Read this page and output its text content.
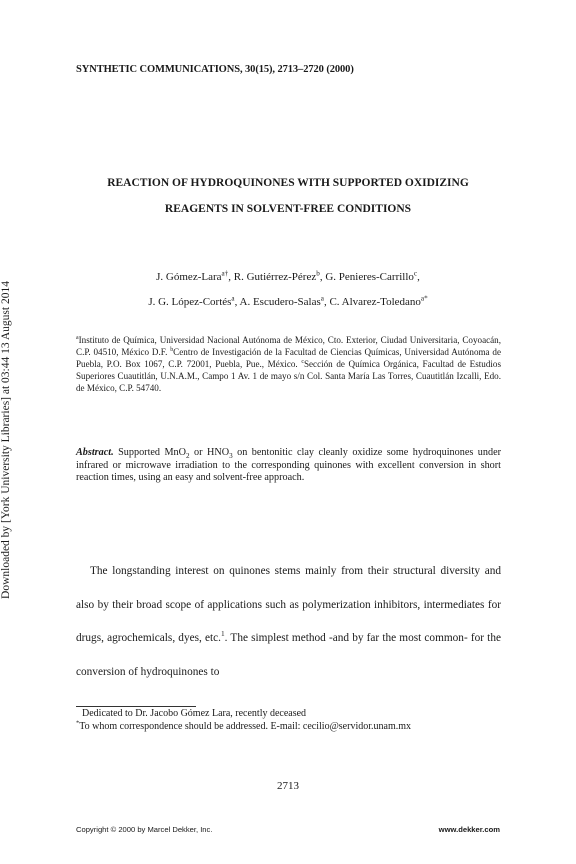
Downloaded by [York University Libraries] at 03:44 13 August 2014
SYNTHETIC COMMUNICATIONS, 30(15), 2713–2720 (2000)
REACTION OF HYDROQUINONES WITH SUPPORTED OXIDIZING
REAGENTS IN SOLVENT-FREE CONDITIONS
J. Gómez-Lara$^{a\dagger}$, R. Gutiérrez-Pérez$^b$, G. Penieres-Carrillo$^c$,
J. G. López-Cortés$^a$, A. Escudero-Salas$^a$, C. Alvarez-Toledano$^{a*}$
$^a$Instituto de Química, Universidad Nacional Autónoma de México, Cto. Exterior, Ciudad Universitaria, Coyoacán, C.P. 04510, México D.F. $^b$Centro de Investigación de la Facultad de Ciencias Químicas, Universidad Autónoma de Puebla, P.O. Box 1067, C.P. 72001, Puebla, Pue., México. $^c$Sección de Química Orgánica, Facultad de Estudios Superiores Cuautitlán, U.N.A.M., Campo 1 Av. 1 de mayo s/n Col. Santa María Las Torres, Cuautitlán Izcalli, Edo. de México, C.P. 54740.
Abstract. Supported MnO$_2$ or $HNO_3$ on bentonitic clay cleanly oxidize some hydroquinones under infrared or microwave irradiation to the corresponding quinones with excellent conversion in short reaction times, using an easy and solvent-free approach.
The longstanding interest on quinones stems mainly from their structural diversity and also by their broad scope of applications such as polymerization inhibitors, intermediates for drugs, agrochemicals, dyes, etc.$^1$. The simplest method -and by far the most common- for the conversion of hydroquinones to
Dedicated to Dr. Jacobo Gómez Lara, recently deceased
*To whom correspondence should be addressed. E-mail: cecilio@servidor.unam.mx
2713
Copyright © 2000 by Marcel Dekker, Inc.	www.dekker.com
